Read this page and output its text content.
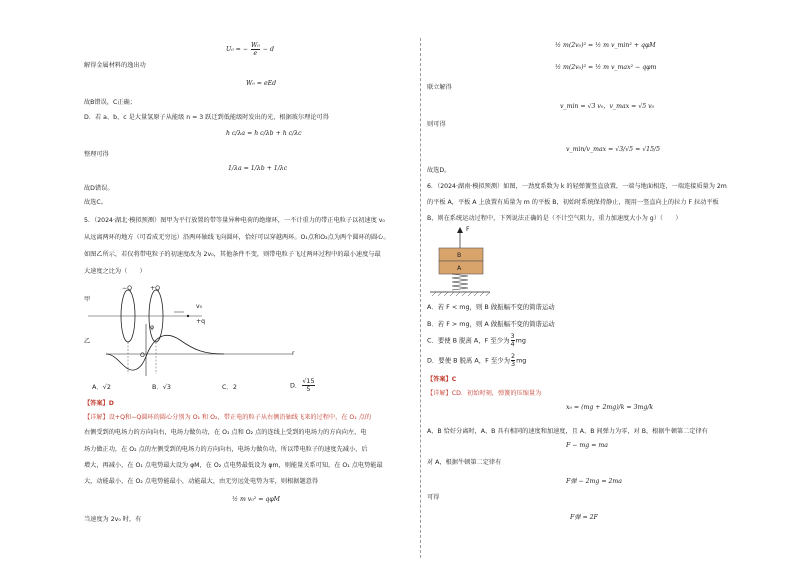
U₀ = − $\frac{\text{W₀}}{e} - d$
解得金属材料的逸出功
W₀ = eEd
故B错误，C正确；
D．若 a、b、c 是大量氢原子从能级 n = 3 跃迁到低能级时发出的光，根据玻尔理论可得
h c/λa = h c/λb + h c/λc
整理可得
1/λa = 1/λb + 1/λc
故D错误。
故选C。
5．（2024·湖北·模拟预测）图甲为平行放置的带等量异种电荷的绝缘环，一不计重力的带正电粒子以初速度 v₀
从远离两环的地方（可看成无穷远）沿两环轴线飞向圆环，恰好可以穿越两环。O₁点和O₂点为两个圆环的圆心。
如图乙所示，若仅将带电粒子的初速度改为 2v₀，其他条件不变，则带电粒子飞过两环过程中的最小速度与最
大速度之比为（　　）
甲
乙
−Q	+Q
v₀
+q
φ
O	r
A．√2	B．√3	C．2	D． $\frac{√15}{5}$
【答案】D
【详解】设+Q和−Q圆环的圆心分别为 O₁ 和 O₂，带正电的粒子从右侧沿轴线飞来的过程中，在 O₁ 点的
右侧受到的电场力的方向向右，电场力做负功，在 O₁ 点和 O₂ 点的连线上受到的电场力的方向向左，电
场力做正功，在 O₂ 点的左侧受到的电场力的方向向右，电场力做负功，所以带电粒子的速度先减小，后
增大，再减小，在 O₁ 点电势最大设为 φM，在 O₂ 点电势最低设为 φm，则能量关系可知，在 O₁ 点电势能最
大，动能最小，在 O₂ 点电势能最小，动能最大，由无穷远处电势为零，则根据题意得
½ m v₀² = qφM
当速度为 2v₀ 时，有
½ m(2v₀)² = ½ m v_min² + qφM
½ m(2v₀)² = ½ m v_max² − qφm
联立解得
v_min = √3 v₀，v_max = √5 v₀
则可得
v_min/v_max = √3/√5 = √15/5
故选D。
6．（2024·湖南·模拟预测）如图，一劲度系数为 k 的轻弹簧竖直放置，一端与地面相连，一端连接质量为 2m
的平板 A，平板 A 上放置有质量为 m 的平板 B，初始时系统保持静止，现用一竖直向上的拉力 F 拉动平板
B，则在系统运动过程中，下列说法正确的是（不计空气阻力，重力加速度大小为 g）（　　）
F
B
A
A．若 F < mg，则 B 做振幅不变的简谐运动
B．若 F > mg，则 A 做振幅不变的简谐运动
C．要使 B 脱离 A，F 至少为 $\frac{3}{4}$ mg
D．要使 B 脱离 A，F 至少为 $\frac{2}{3}$ mg
【答案】C
【详解】CD．初始时刻，弹簧的压缩量为
x₀ = (mg + 2mg)/k = 3mg/k
A、B 恰好分离时，A、B 具有相同的速度和加速度，且 A、B 间弹力为零，对 B，根据牛顿第二定律有
F − mg = ma
对 A，根据牛顿第二定律有
F弹 − 2mg = 2ma
可得
F弹 = 2F
